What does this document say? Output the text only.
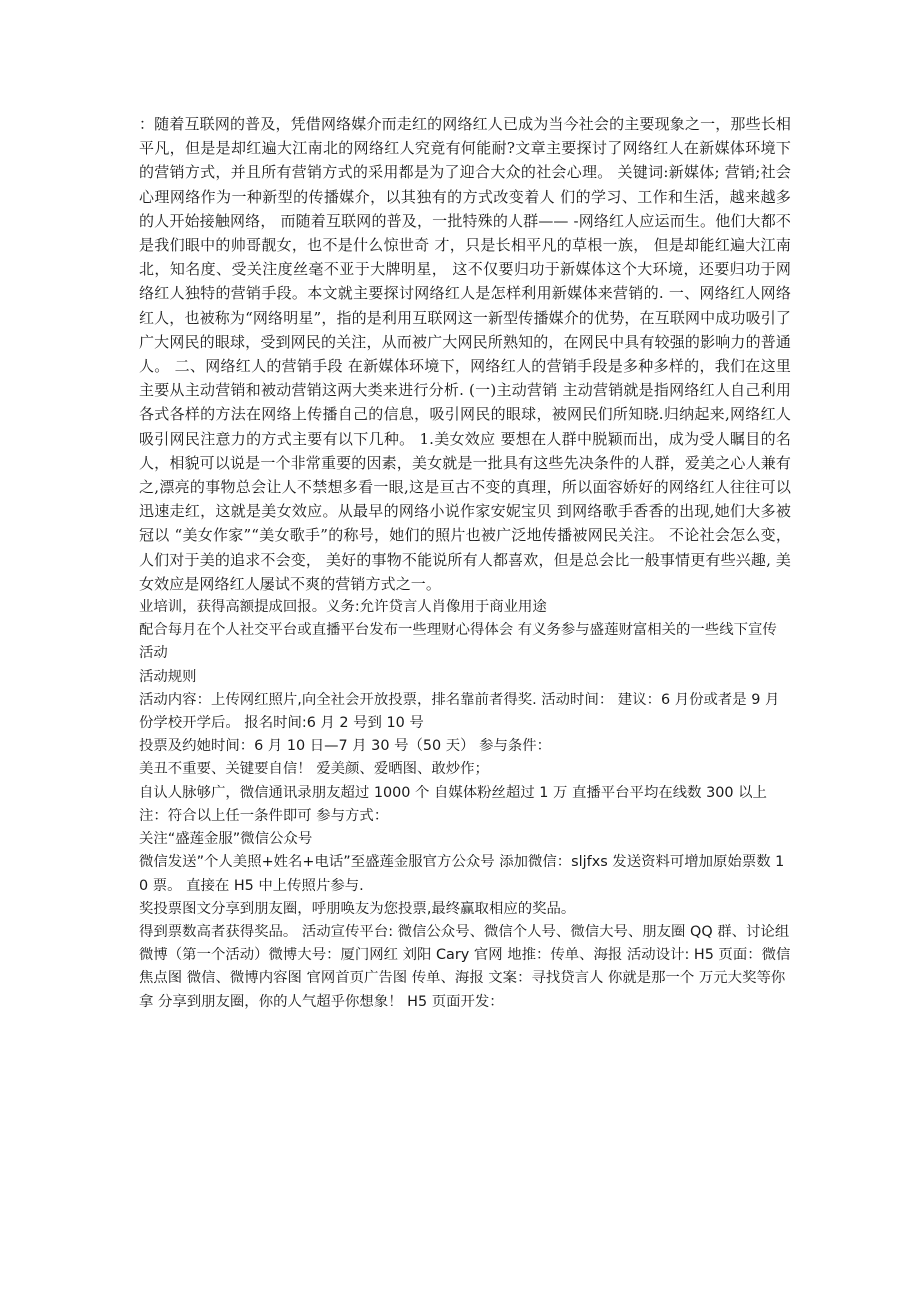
：随着互联网的普及，凭借网络媒介而走红的网络红人已成为当今社会的主要现象之一，那些长相平凡，但是是却红遍大江南北的网络红人究竟有何能耐?文章主要探讨了网络红人在新媒体环境下的营销方式，并且所有营销方式的采用都是为了迎合大众的社会心理。 关键词:新媒体; 营销;社会心理网络作为一种新型的传播媒介，以其独有的方式改变着人 们的学习、工作和生活，越来越多的人开始接触网络， 而随着互联网的普及，一批特殊的人群—— -网络红人应运而生。他们大都不是我们眼中的帅哥靓女，也不是什么惊世奇 才，只是长相平凡的草根一族， 但是却能红遍大江南北，知名度、受关注度丝毫不亚于大牌明星， 这不仅要归功于新媒体这个大环境，还要归功于网络红人独特的营销手段。本文就主要探讨网络红人是怎样利用新媒体来营销的. 一、网络红人网络红人，也被称为“网络明星”，指的是利用互联网这一新型传播媒介的优势，在互联网中成功吸引了广大网民的眼球，受到网民的关注，从而被广大网民所熟知的，在网民中具有较强的影响力的普通人。 二、网络红人的营销手段 在新媒体环境下，网络红人的营销手段是多种多样的，我们在这里主要从主动营销和被动营销这两大类来进行分析. (一)主动营销 主动营销就是指网络红人自己利用各式各样的方法在网络上传播自己的信息，吸引网民的眼球，被网民们所知晓.归纳起来,网络红人吸引网民注意力的方式主要有以下几种。 1.美女效应 要想在人群中脱颖而出，成为受人瞩目的名人，相貌可以说是一个非常重要的因素，美女就是一批具有这些先决条件的人群，爱美之心人兼有之,漂亮的事物总会让人不禁想多看一眼,这是亘古不变的真理，所以面容娇好的网络红人往往可以迅速走红，这就是美女效应。从最早的网络小说作家安妮宝贝 到网络歌手香香的出现,她们大多被冠以 “美女作家”“美女歌手”的称号，她们的照片也被广泛地传播被网民关注。 不论社会怎么变，人们对于美的追求不会变， 美好的事物不能说所有人都喜欢，但是总会比一般事情更有些兴趣, 美女效应是网络红人屡试不爽的营销方式之一。

业培训，获得高额提成回报。义务:允许贷言人肖像用于商业用途

配合每月在个人社交平台或直播平台发布一些理财心得体会 有义务参与盛莲财富相关的一些线下宣传活动

活动规则

活动内容：上传网红照片,向全社会开放投票，排名靠前者得奖. 活动时间： 建议：6 月份或者是 9 月份学校开学后。 报名时间:6 月 2 号到 10 号

投票及约她时间：6 月 10 日—7 月 30 号（50 天） 参与条件：

美丑不重要、关键要自信！ 爱美颜、爱晒图、敢炒作；

自认人脉够广，微信通讯录朋友超过 1000 个 自媒体粉丝超过 1 万 直播平台平均在线数 300 以上 注：符合以上任一条件即可 参与方式：

关注“盛莲金服”微信公众号

微信发送”个人美照+姓名+电话”至盛莲金服官方公众号 添加微信：sljfxs 发送资料可增加原始票数 10 票。 直接在 H5 中上传照片参与.

奖投票图文分享到朋友圈，呼朋唤友为您投票,最终赢取相应的奖品。

得到票数高者获得奖品。 活动宣传平台: 微信公众号、微信个人号、微信大号、朋友圈 QQ 群、讨论组 微博（第一个活动）微博大号：厦门网红 刘阳 Cary 官网 地推：传单、海报 活动设计: H5 页面：微信焦点图 微信、微博内容图 官网首页广告图 传单、海报 文案：寻找贷言人 你就是那一个 万元大奖等你拿 分享到朋友圈，你的人气超乎你想象！ H5 页面开发：
